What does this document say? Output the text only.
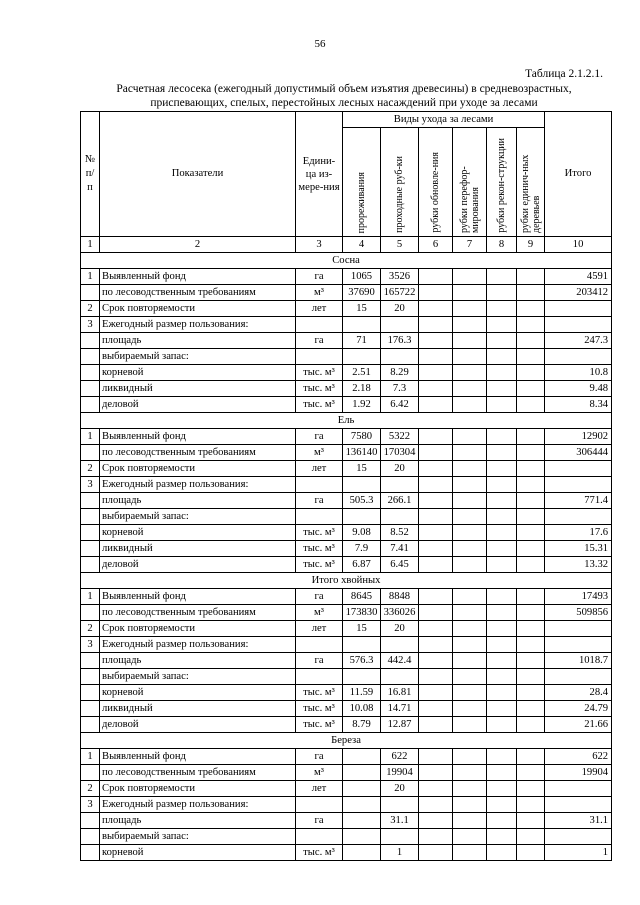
56
Таблица 2.1.2.1.
Расчетная лесосека (ежегодный допустимый объем изъятия древесины) в средневозрастных,
приспевающих, спелых, перестойных лесных насаждений при уходе за лесами
№ п/п	Показатели	Едини-ца из-мере-ния	Виды ухода за лесами						Итого

			прореживания	проходные руб-ки	рубки обновле-ния	рубки перефор-мирования	рубки рекон-струкции	рубки единич-ных деревьев	

1	2	3	4	5	6	7	8	9	10
Сосна									
1	Выявленный фонд	га	1065	3526					4591
	по лесоводственным требованиям	м³	37690	165722					203412
2	Срок повторяемости	лет	15	20					
3	Ежегодный размер пользования:								
	площадь	га	71	176.3					247.3
	выбираемый запас:								
	корневой	тыс. м³	2.51	8.29					10.8
	ликвидный	тыс. м³	2.18	7.3					9.48
	деловой	тыс. м³	1.92	6.42					8.34
Ель									
1	Выявленный фонд	га	7580	5322					12902
	по лесоводственным требованиям	м³	136140	170304					306444
2	Срок повторяемости	лет	15	20					
3	Ежегодный размер пользования:								
	площадь	га	505.3	266.1					771.4
	выбираемый запас:								
	корневой	тыс. м³	9.08	8.52					17.6
	ликвидный	тыс. м³	7.9	7.41					15.31
	деловой	тыс. м³	6.87	6.45					13.32
Итого хвойных									
1	Выявленный фонд	га	8645	8848					17493
	по лесоводственным требованиям	м³	173830	336026					509856
2	Срок повторяемости	лет	15	20					
3	Ежегодный размер пользования:								
	площадь	га	576.3	442.4					1018.7
	выбираемый запас:								
	корневой	тыс. м³	11.59	16.81					28.4
	ликвидный	тыс. м³	10.08	14.71					24.79
	деловой	тыс. м³	8.79	12.87					21.66
Береза									
1	Выявленный фонд	га		622					622
	по лесоводственным требованиям	м³		19904					19904
2	Срок повторяемости	лет		20					
3	Ежегодный размер пользования:								
	площадь	га		31.1					31.1
	выбираемый запас:								
	корневой	тыс. м³		1					1
